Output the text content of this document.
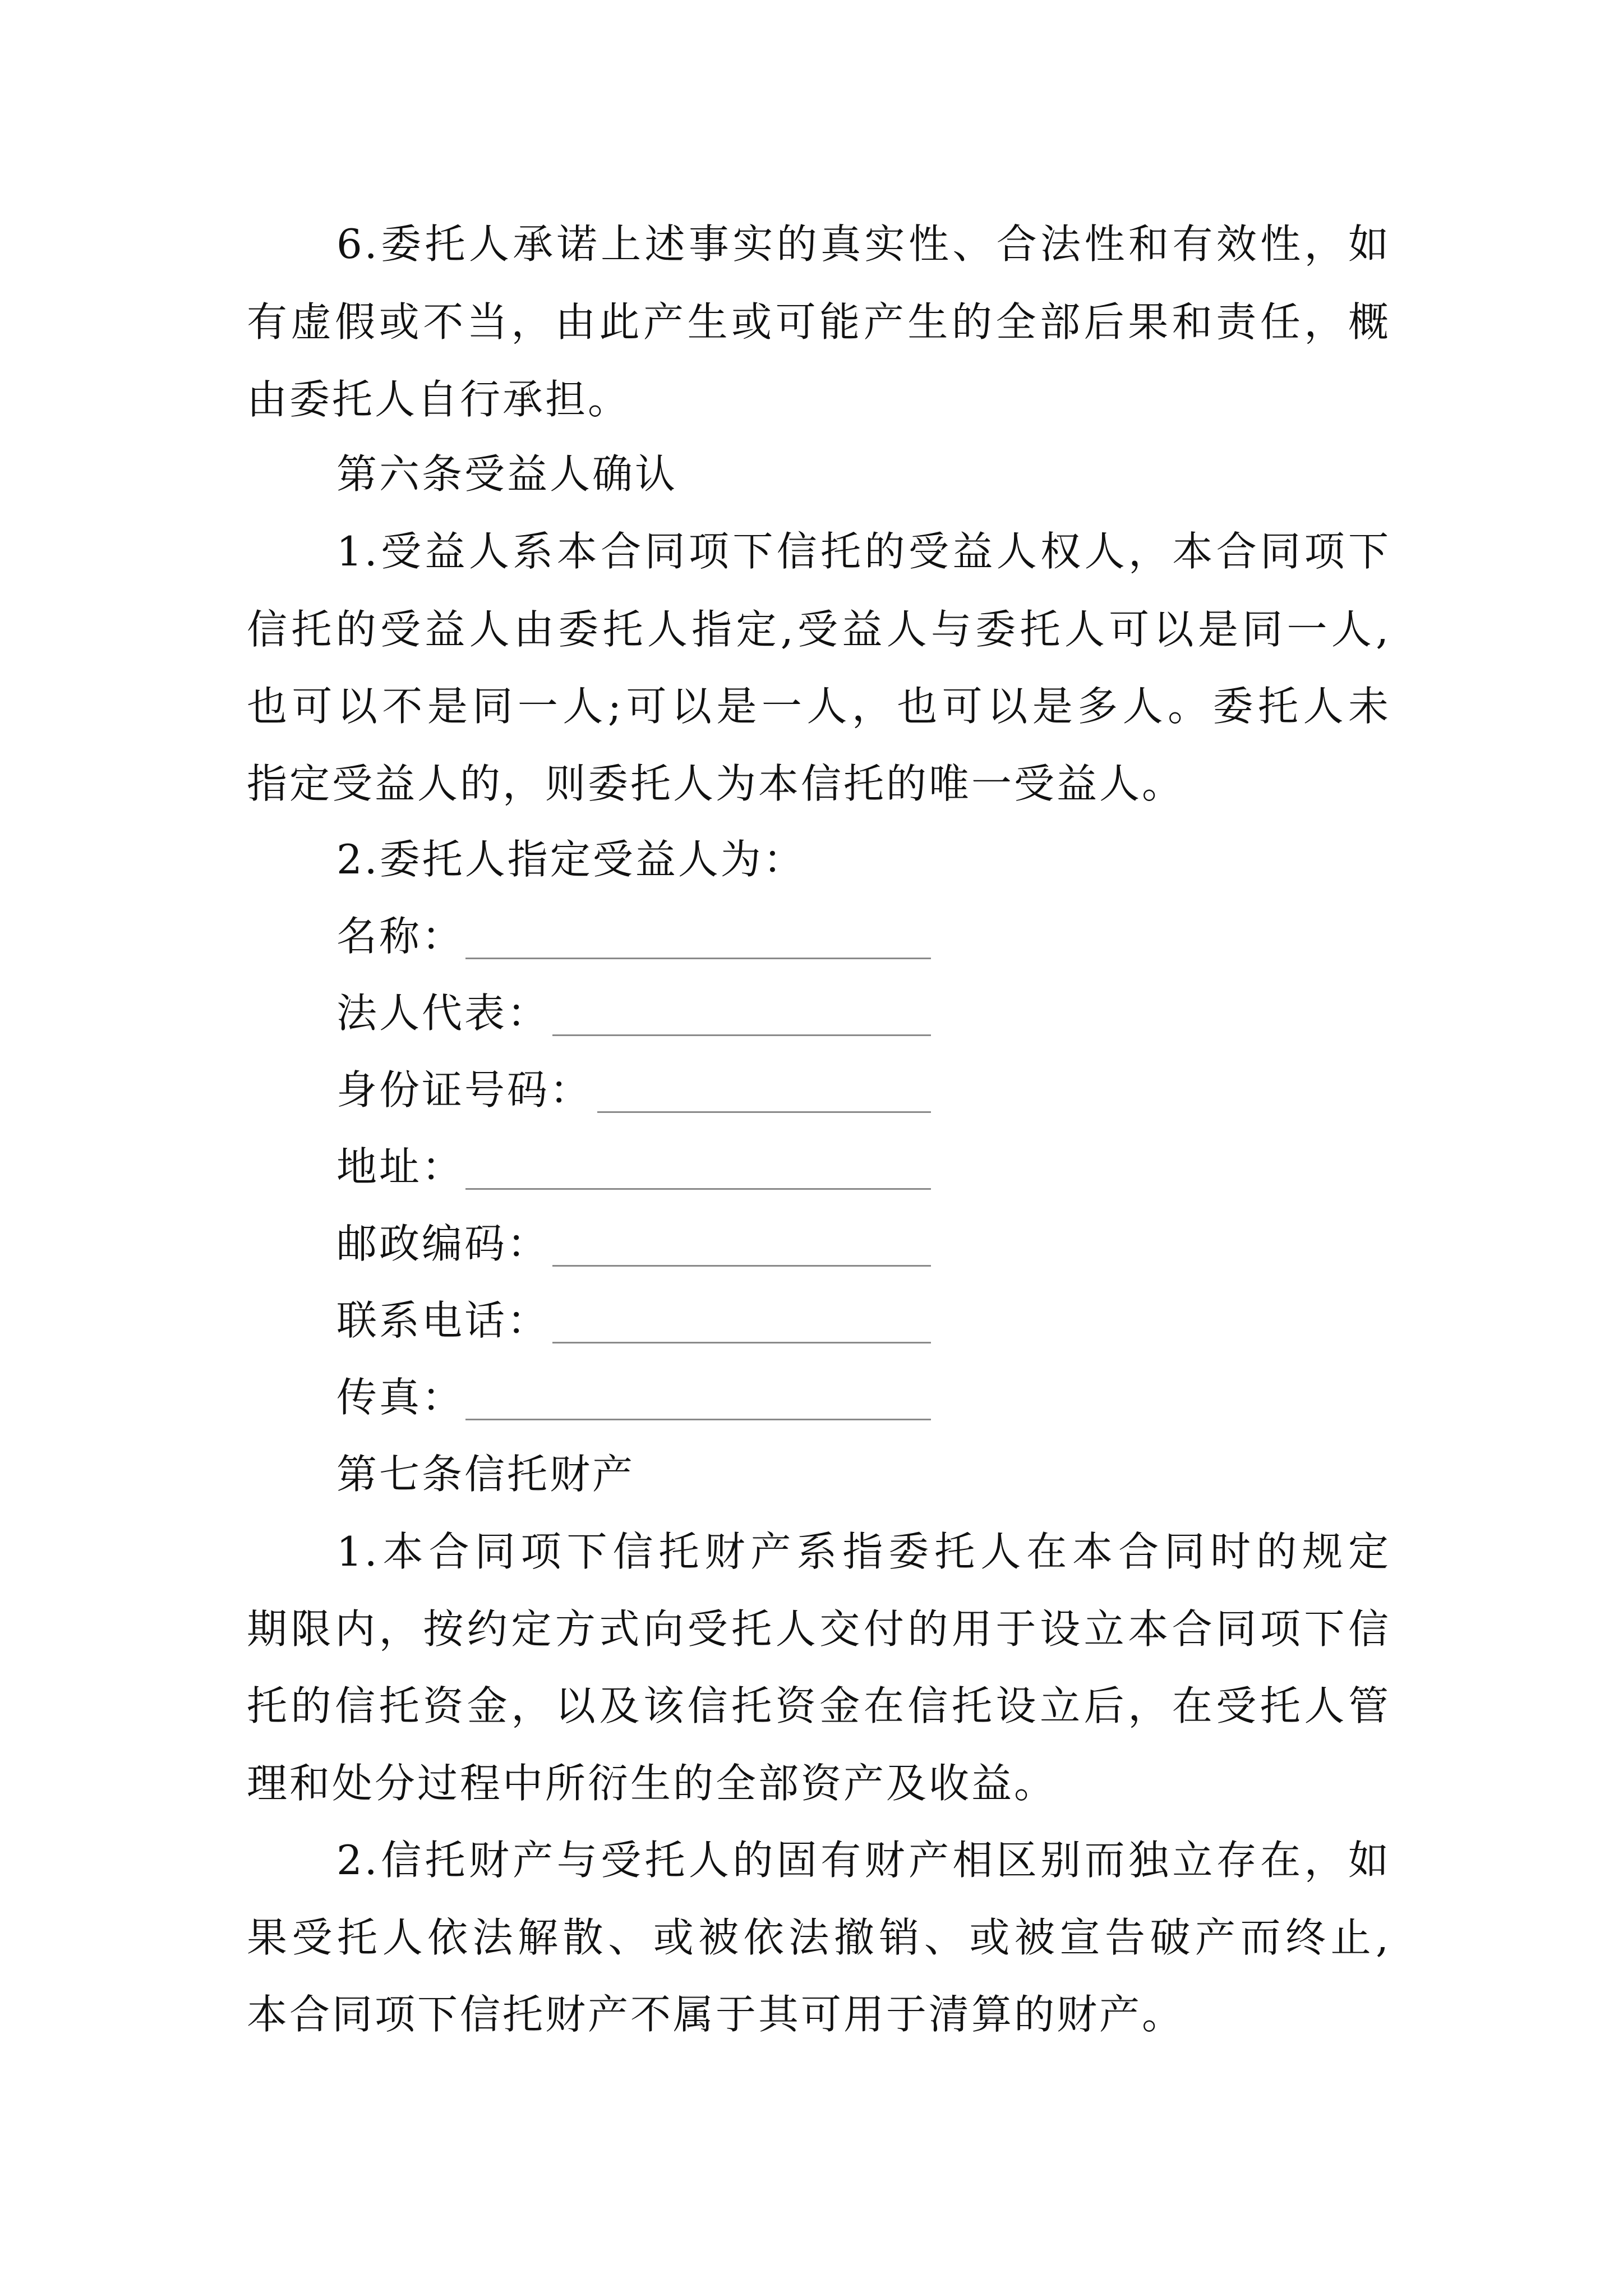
6.委托人承诺上述事实的真实性、合法性和有效性，如
有虚假或不当，由此产生或可能产生的全部后果和责任，概
由委托人自行承担。
第六条受益人确认
1.受益人系本合同项下信托的受益人权人，本合同项下
信托的受益人由委托人指定,受益人与委托人可以是同一人,
也可以不是同一人;可以是一人，也可以是多人。委托人未
指定受益人的，则委托人为本信托的唯一受益人。
2.委托人指定受益人为：
名称：
法人代表：
身份证号码：
地址：
邮政编码：
联系电话：
传真：
第七条信托财产
1.本合同项下信托财产系指委托人在本合同时的规定
期限内，按约定方式向受托人交付的用于设立本合同项下信
托的信托资金，以及该信托资金在信托设立后，在受托人管
理和处分过程中所衍生的全部资产及收益。
2.信托财产与受托人的固有财产相区别而独立存在，如
果受托人依法解散、或被依法撤销、或被宣告破产而终止,
本合同项下信托财产不属于其可用于清算的财产。
